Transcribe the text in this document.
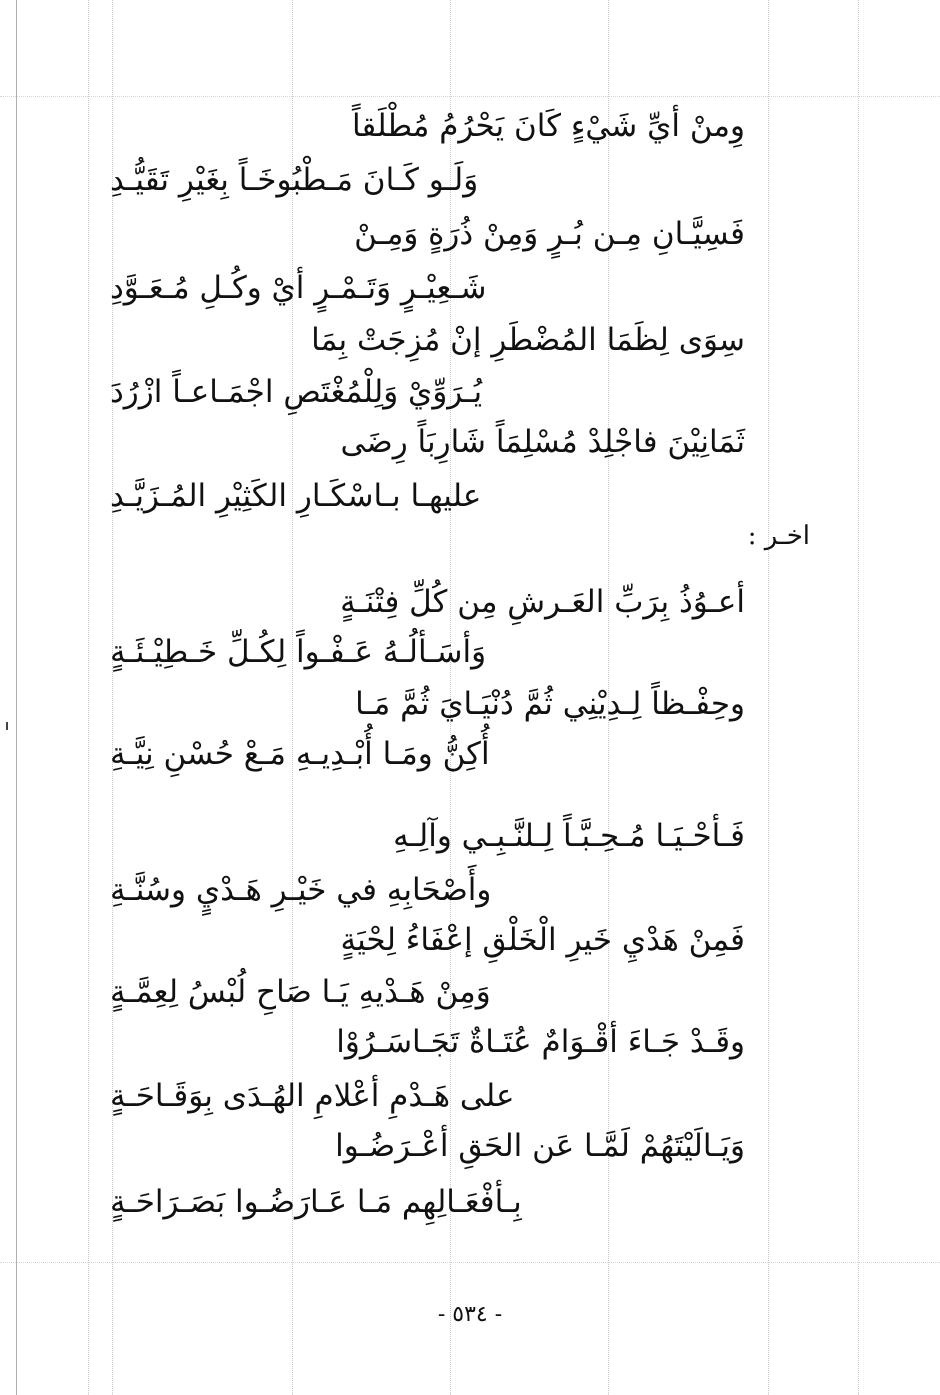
وِمنْ أيِّ شَيْءٍ كَانَ يَحْرُمُ مُطْلَقاً
وَلَـو كَـانَ مَـطْبُوخَـاً بِغَيْرِ تَقَيُّـدِ
فَسِيَّـانِ مِـن بُـرٍ وَمِنْ ذُرَةٍ وَمِـنْ
شَـعِيْـرٍ وَتَـمْـرٍ أيْ وكُـلِ مُـعَـوَّدِ
سِوَى لِظَمَا المُضْطَرِ إنْ مُزِجَتْ بِمَا
يُـرَوِّيْ وَلِلْمُغْتَصِ اجْمَـاعـاً ازْرُدَ
ثَمَانِيْنَ فاجْلِدْ مُسْلِمَاً شَارِبَاً رِضَى
عليهـا بـاسْكَـارِ الكَثِيْرِ المُـزَيَّـدِ
اخـر :
أعـوُذُ بِرَبِّ العَـرشِ مِن كُلِّ فِتْنَـةٍ
وَأسَـألُـهُ عَـفْـواً لِكُـلِّ خَـطِيْـئَـةٍ
وحِفْـظاً لِـدِيْنِي ثُمَّ دُنْيَـايَ ثُمَّ مَـا
أُكِنُّ ومَـا أُبْـدِيـهِ مَـعْ حُسْنِ نِيَّـةِ
فَـأحْـيَـا مُـحِـبَّـاً لِـلنَّـبِـي وآلِـهِ
وأَصْحَابِهِ في خَيْـرِ هَـدْيٍ وسُنَّـةِ
فَمِنْ هَدْيِ خَيرِ الْخَلْقِ إعْفَاءُ لِحْيَةٍ
وَمِنْ هَـدْيهِ يَـا صَاحِ لُبْسُ لِعِمَّـةٍ
وقَـدْ جَـاءَ أقْـوَامٌ عُتَـاةٌ تَجَـاسَـرُوْا
على هَـدْمِ أعْلامِ الهُـدَى بِوَقَـاحَـةٍ
وَيَـالَيْتَهُمْ لَمَّـا عَن الحَقِ أعْـرَضُـوا
بِـأفْعَـالِهِم مَـا عَـارَضُـوا بَصَـرَاحَـةٍ
- ٥٣٤ -
